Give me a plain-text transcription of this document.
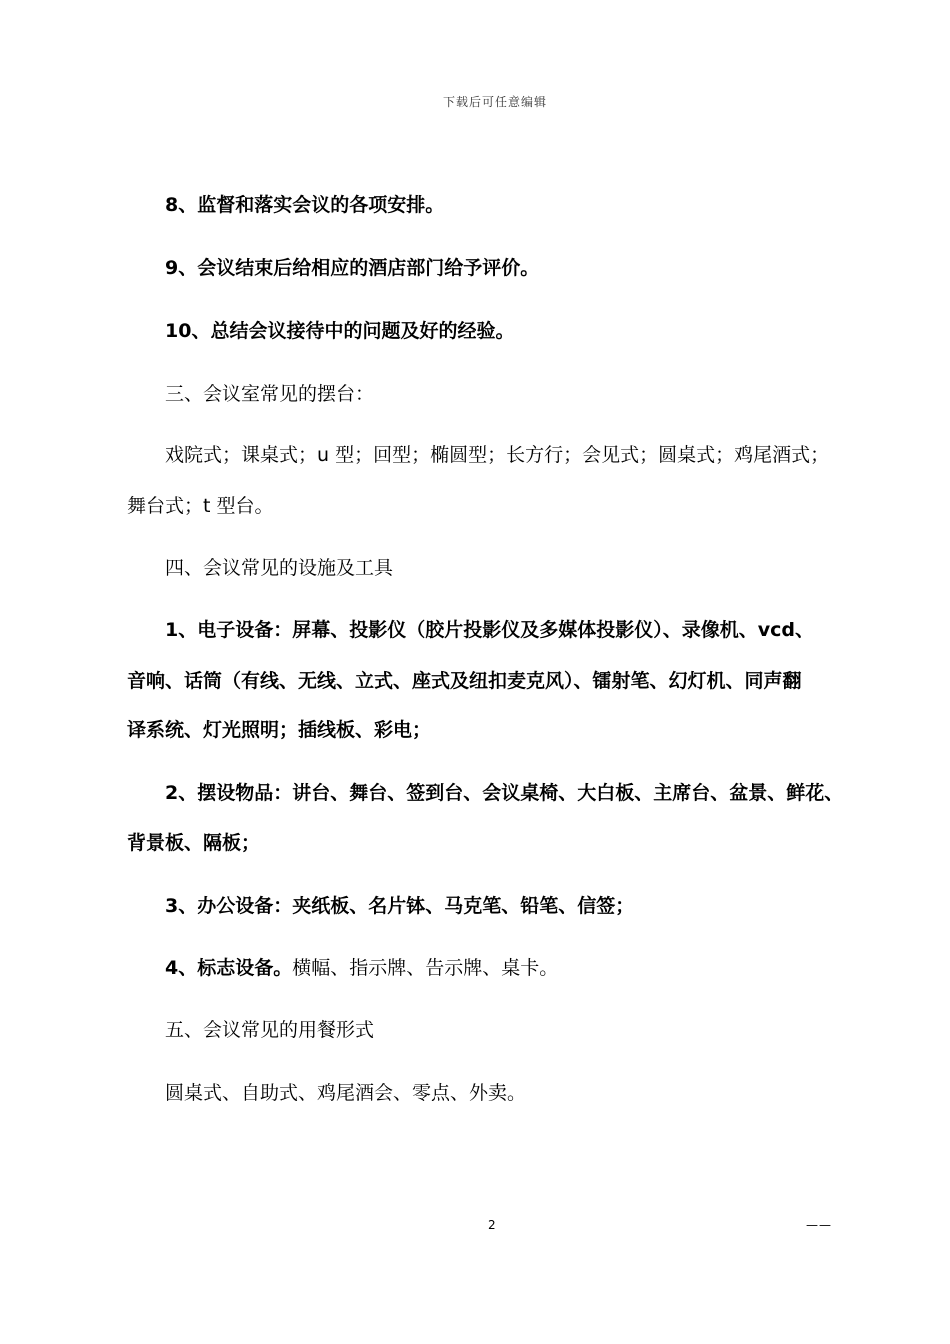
下载后可任意编辑
8、监督和落实会议的各项安排。
9、会议结束后给相应的酒店部门给予评价。
10、总结会议接待中的问题及好的经验。
三、会议室常见的摆台：
戏院式；课桌式；u 型；回型；椭圆型；长方行；会见式；圆桌式；鸡尾酒式；
舞台式；t 型台。
四、会议常见的设施及工具
1、电子设备：屏幕、投影仪（胶片投影仪及多媒体投影仪）、录像机、vcd、
音响、话筒（有线、无线、立式、座式及纽扣麦克风）、镭射笔、幻灯机、同声翻
译系统、灯光照明；插线板、彩电；
2、摆设物品：讲台、舞台、签到台、会议桌椅、大白板、主席台、盆景、鲜花、
背景板、隔板；
3、办公设备：夹纸板、名片钵、马克笔、铅笔、信签；
4、标志设备。横幅、指示牌、告示牌、桌卡。
五、会议常见的用餐形式
圆桌式、自助式、鸡尾酒会、零点、外卖。
2	——
